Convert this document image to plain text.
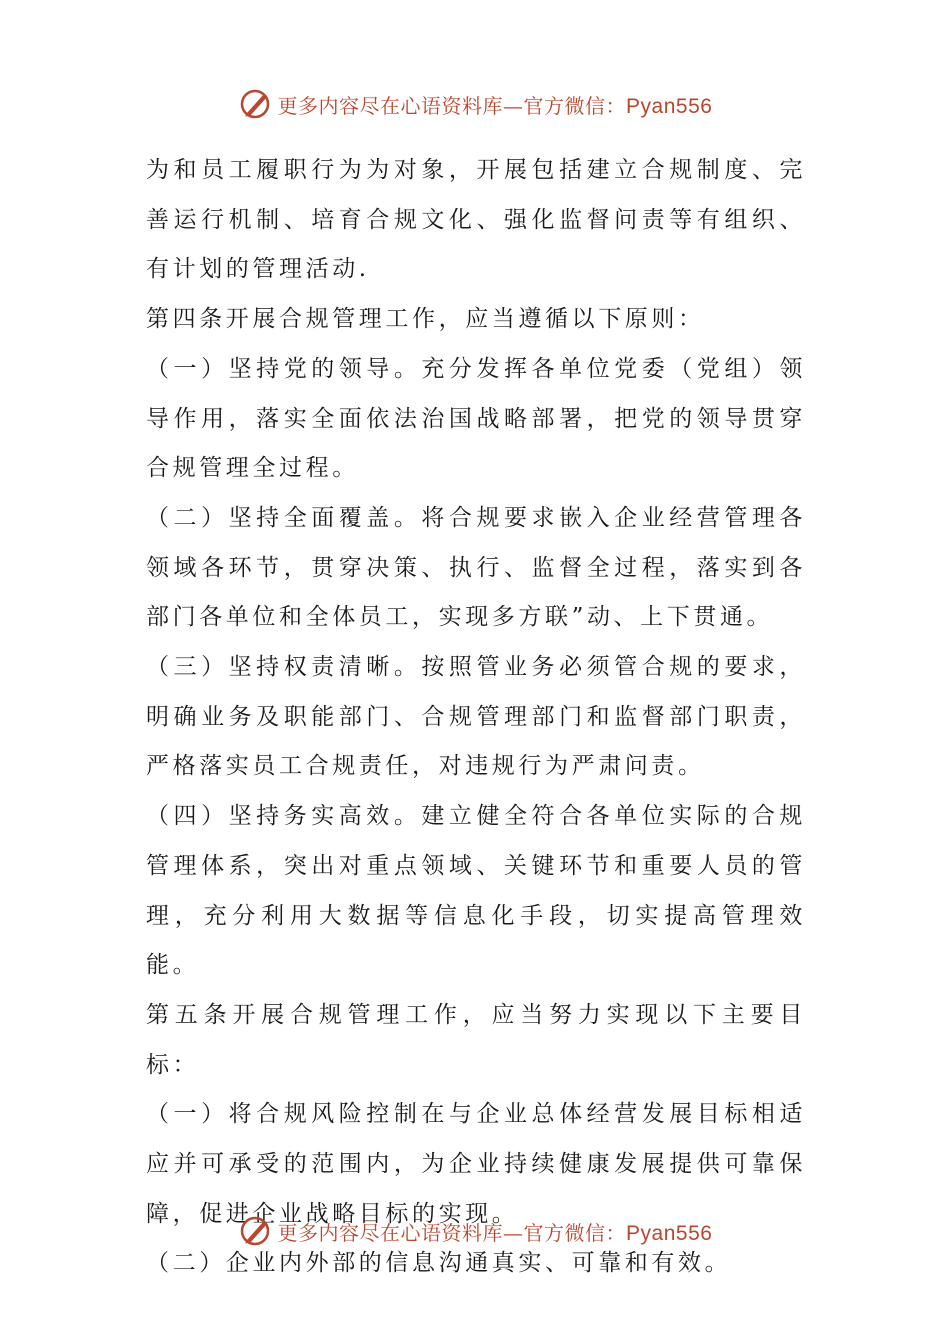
更多内容尽在心语资料库—官方微信：Pyan556

为和员工履职行为为对象，开展包括建立合规制度、完善运行机制、培育合规文化、强化监督问责等有组织、有计划的管理活动.

第四条开展合规管理工作，应当遵循以下原则：

（一）坚持党的领导。充分发挥各单位党委（党组）领导作用，落实全面依法治国战略部署，把党的领导贯穿合规管理全过程。

（二）坚持全面覆盖。将合规要求嵌入企业经营管理各领域各环节，贯穿决策、执行、监督全过程，落实到各部门各单位和全体员工，实现多方联”动、上下贯通。

（三）坚持权责清晰。按照管业务必须管合规的要求，明确业务及职能部门、合规管理部门和监督部门职责，严格落实员工合规责任，对违规行为严肃问责。

（四）坚持务实高效。建立健全符合各单位实际的合规管理体系，突出对重点领域、关键环节和重要人员的管理，充分利用大数据等信息化手段，切实提高管理效能。

第五条开展合规管理工作，应当努力实现以下主要目标：

（一）将合规风险控制在与企业总体经营发展目标相适应并可承受的范围内，为企业持续健康发展提供可靠保障，促进企业战略目标的实现。

（二）企业内外部的信息沟通真实、可靠和有效。

更多内容尽在心语资料库—官方微信：Pyan556
